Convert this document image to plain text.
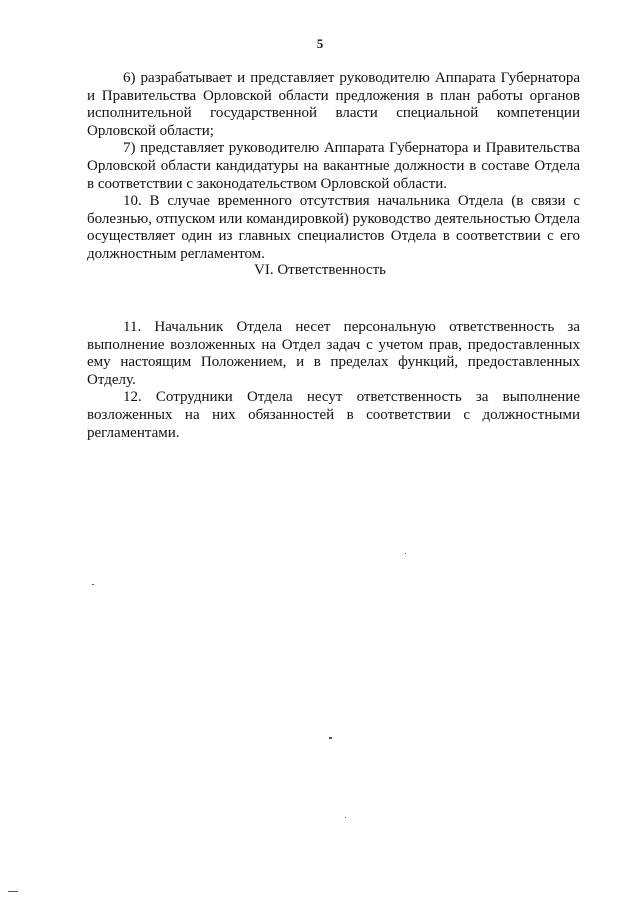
5

6) разрабатывает и представляет руководителю Аппарата Губернатора и Правительства Орловской области предложения в план работы органов исполнительной государственной власти специальной компетенции Орловской области;

7) представляет руководителю Аппарата Губернатора и Правительства Орловской области кандидатуры на вакантные должности в составе Отдела в соответствии с законодательством Орловской области.

10. В случае временного отсутствия начальника Отдела (в связи с болезнью, отпуском или командировкой) руководство деятельностью Отдела осуществляет один из главных специалистов Отдела в соответствии с его должностным регламентом.

VI. Ответственность

11. Начальник Отдела несет персональную ответственность за выполнение возложенных на Отдел задач с учетом прав, предоставленных ему настоящим Положением, и в пределах функций, предоставленных Отделу.

12. Сотрудники Отдела несут ответственность за выполнение возложенных на них обязанностей в соответствии с должностными регламентами.
